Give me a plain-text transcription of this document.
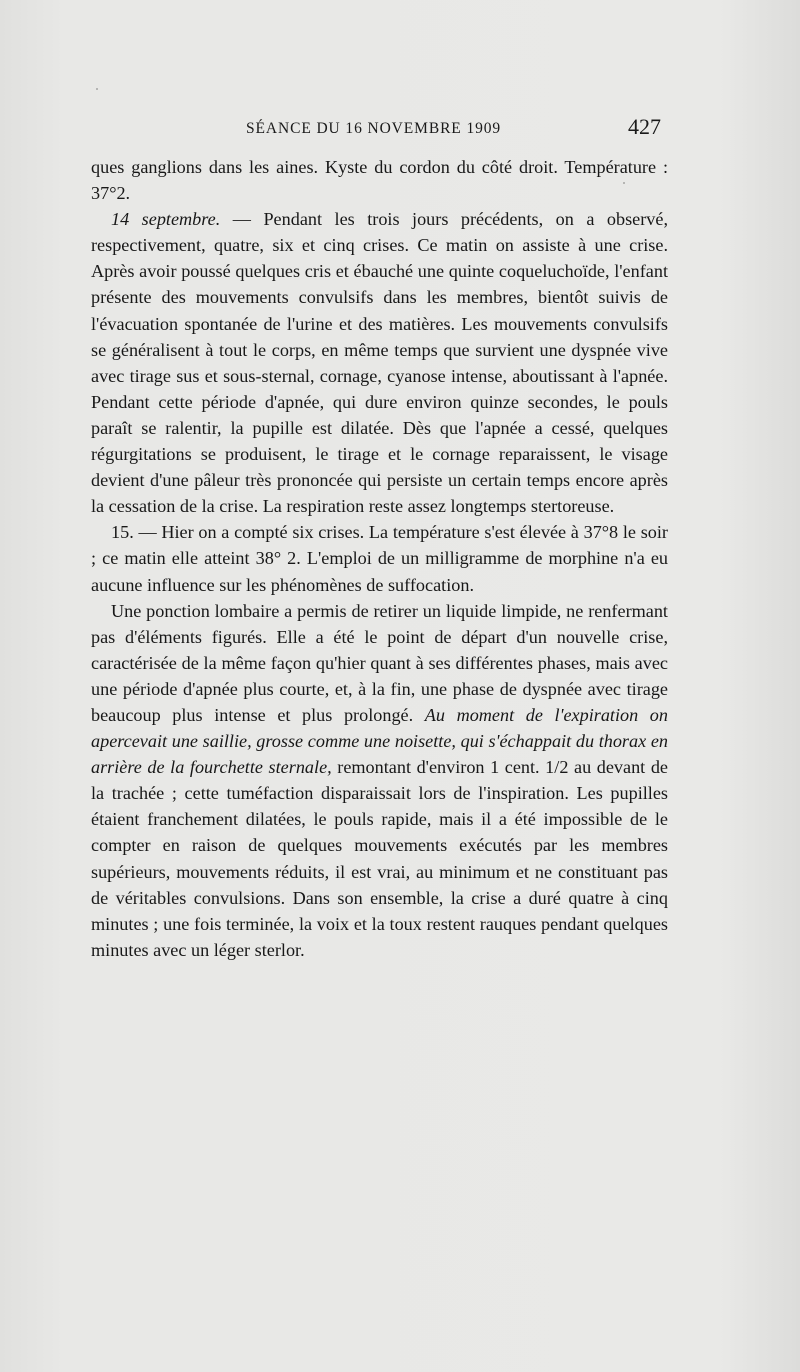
SÉANCE DU 16 NOVEMBRE 1909	427

ques ganglions dans les aines. Kyste du cordon du côté droit. Température : 37°2.

14 septembre. — Pendant les trois jours précédents, on a observé, respectivement, quatre, six et cinq crises. Ce matin on assiste à une crise. Après avoir poussé quelques cris et ébauché une quinte coqueluchoïde, l'enfant présente des mouvements convulsifs dans les membres, bientôt suivis de l'évacuation spontanée de l'urine et des matières. Les mouvements convulsifs se généralisent à tout le corps, en même temps que survient une dyspnée vive avec tirage sus et sous-sternal, cornage, cyanose intense, aboutissant à l'apnée. Pendant cette période d'apnée, qui dure environ quinze secondes, le pouls paraît se ralentir, la pupille est dilatée. Dès que l'apnée a cessé, quelques régurgitations se produisent, le tirage et le cornage reparaissent, le visage devient d'une pâleur très prononcée qui persiste un certain temps encore après la cessation de la crise. La respiration reste assez longtemps stertoreuse.

15. — Hier on a compté six crises. La température s'est élevée à 37°8 le soir ; ce matin elle atteint 38° 2. L'emploi de un milligramme de morphine n'a eu aucune influence sur les phénomènes de suffocation.

Une ponction lombaire a permis de retirer un liquide limpide, ne renfermant pas d'éléments figurés. Elle a été le point de départ d'un nouvelle crise, caractérisée de la même façon qu'hier quant à ses différentes phases, mais avec une période d'apnée plus courte, et, à la fin, une phase de dyspnée avec tirage beaucoup plus intense et plus prolongé. Au moment de l'expiration on apercevait une saillie, grosse comme une noisette, qui s'échappait du thorax en arrière de la fourchette sternale, remontant d'environ 1 cent. 1/2 au devant de la trachée ; cette tuméfaction disparaissait lors de l'inspiration. Les pupilles étaient franchement dilatées, le pouls rapide, mais il a été impossible de le compter en raison de quelques mouvements exécutés par les membres supérieurs, mouvements réduits, il est vrai, au minimum et ne constituant pas de véritables convulsions. Dans son ensemble, la crise a duré quatre à cinq minutes ; une fois terminée, la voix et la toux restent rauques pendant quelques minutes avec un léger sterlor.
